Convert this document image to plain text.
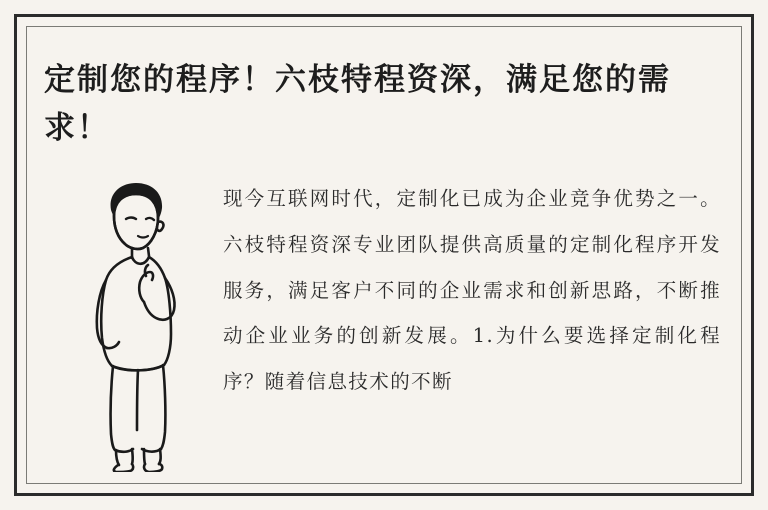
定制您的程序！六枝特程资深，满足您的需求！
现今互联网时代，定制化已成为企业竞争优势之一。六枝特程资深专业团队提供高质量的定制化程序开发服务，满足客户不同的企业需求和创新思路，不断推动企业业务的创新发展。1.为什么要选择定制化程序？随着信息技术的不断
